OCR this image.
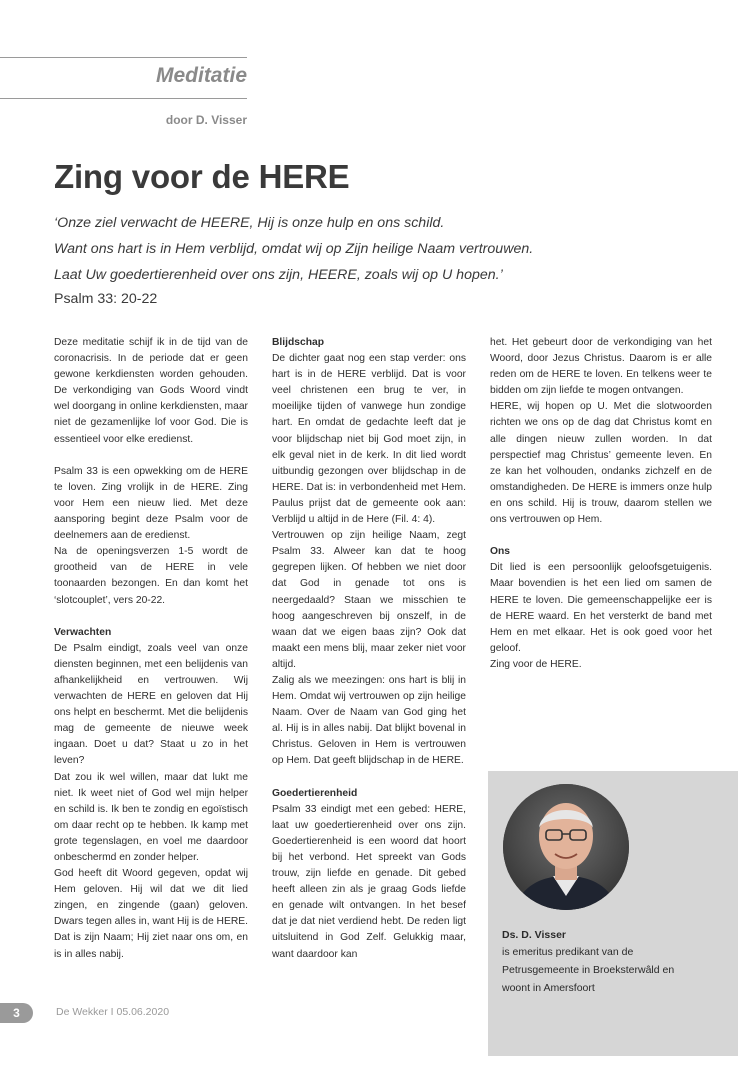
Meditatie
door D. Visser
Zing voor de HERE
‘Onze ziel verwacht de HEERE, Hij is onze hulp en ons schild.
Want ons hart is in Hem verblijd, omdat wij op Zijn heilige Naam vertrouwen.
Laat Uw goedertierenheid over ons zijn, HEERE, zoals wij op U hopen.’
Psalm 33: 20-22

Deze meditatie schijf ik in de tijd van de coronacrisis. In de periode dat er geen gewone kerkdiensten worden gehouden. De verkondiging van Gods Woord vindt wel doorgang in online kerkdiensten, maar niet de gezamenlijke lof voor God. Die is essentieel voor elke eredienst.

Psalm 33 is een opwekking om de HERE te loven. Zing vrolijk in de HERE. Zing voor Hem een nieuw lied. Met deze aansporing begint deze Psalm voor de deelnemers aan de eredienst.

Na de openingsverzen 1-5 wordt de grootheid van de HERE in vele toonaarden bezongen. En dan komt het ‘slotcouplet’, vers 20-22.

Verwachten

De Psalm eindigt, zoals veel van onze diensten beginnen, met een belijdenis van afhankelijkheid en vertrouwen. Wij verwachten de HERE en geloven dat Hij ons helpt en beschermt. Met die belijdenis mag de gemeente de nieuwe week ingaan. Doet u dat? Staat u zo in het leven?

Dat zou ik wel willen, maar dat lukt me niet. Ik weet niet of God wel mijn helper en schild is. Ik ben te zondig en egoïstisch om daar recht op te hebben. Ik kamp met grote tegenslagen, en voel me daardoor onbeschermd en zonder helper.

God heeft dit Woord gegeven, opdat wij Hem geloven. Hij wil dat we dit lied zingen, en zingende (gaan) geloven. Dwars tegen alles in, want Hij is de HERE. Dat is zijn Naam; Hij ziet naar ons om, en is in alles nabij.

Blijdschap

De dichter gaat nog een stap verder: ons hart is in de HERE verblijd. Dat is voor veel christenen een brug te ver, in moeilijke tijden of vanwege hun zondige hart. En omdat de gedachte leeft dat je voor blijdschap niet bij God moet zijn, in elk geval niet in de kerk. In dit lied wordt uitbundig gezongen over blijdschap in de HERE. Dat is: in verbondenheid met Hem. Paulus prijst dat de gemeente ook aan: Verblijd u altijd in de Here (Fil. 4: 4).

Vertrouwen op zijn heilige Naam, zegt Psalm 33. Alweer kan dat te hoog gegrepen lijken. Of hebben we niet door dat God in genade tot ons is neergedaald? Staan we misschien te hoog aangeschreven bij onszelf, in de waan dat we eigen baas zijn? Ook dat maakt een mens blij, maar zeker niet voor altijd.

Zalig als we meezingen: ons hart is blij in Hem. Omdat wij vertrouwen op zijn heilige Naam. Over de Naam van God ging het al. Hij is in alles nabij. Dat blijkt bovenal in Christus. Geloven in Hem is vertrouwen op Hem. Dat geeft blijdschap in de HERE.

Goedertierenheid

Psalm 33 eindigt met een gebed: HERE, laat uw goedertierenheid over ons zijn. Goedertierenheid is een woord dat hoort bij het verbond. Het spreekt van Gods trouw, zijn liefde en genade. Dit gebed heeft alleen zin als je graag Gods liefde en genade wilt ontvangen. In het besef dat je dat niet verdiend hebt. De reden ligt uitsluitend in God Zelf. Gelukkig maar, want daardoor kan

het. Het gebeurt door de verkondiging van het Woord, door Jezus Christus. Daarom is er alle reden om de HERE te loven. En telkens weer te bidden om zijn liefde te mogen ontvangen.

HERE, wij hopen op U. Met die slotwoorden richten we ons op de dag dat Christus komt en alle dingen nieuw zullen worden. In dat perspectief mag Christus’ gemeente leven. En ze kan het volhouden, ondanks zichzelf en de omstandigheden. De HERE is immers onze hulp en ons schild. Hij is trouw, daarom stellen we ons vertrouwen op Hem.

Ons

Dit lied is een persoonlijk geloofsgetuigenis. Maar bovendien is het een lied om samen de HERE te loven. Die gemeenschappelijke eer is de HERE waard. En het versterkt de band met Hem en met elkaar. Het is ook goed voor het geloof.

Zing voor de HERE.

Ds. D. Visser
is emeritus predikant van de
Petrusgemeente in Broeksterwâld en
woont in Amersfoort
3	De Wekker I 05.06.2020
